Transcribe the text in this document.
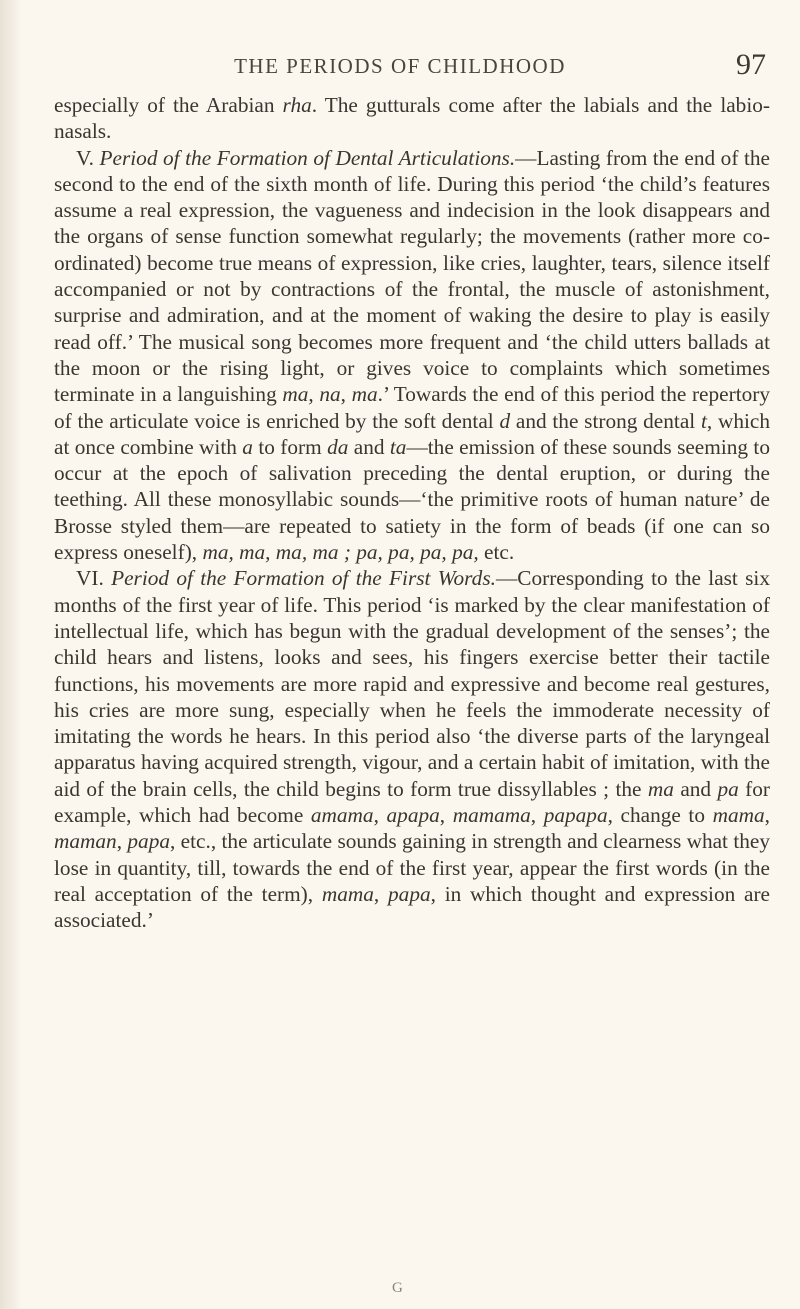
THE PERIODS OF CHILDHOOD	97

especially of the Arabian rha. The gutturals come after the labials and the labio-nasals.

V. Period of the Formation of Dental Articulations.—Lasting from the end of the second to the end of the sixth month of life. During this period ‘the child’s features assume a real expression, the vagueness and indecision in the look disappears and the organs of sense function somewhat regularly; the movements (rather more co-ordinated) become true means of expression, like cries, laughter, tears, silence itself accompanied or not by contractions of the frontal, the muscle of astonishment, surprise and admiration, and at the moment of waking the desire to play is easily read off.’ The musical song becomes more frequent and ‘the child utters ballads at the moon or the rising light, or gives voice to complaints which sometimes terminate in a languishing ma, na, ma.’ Towards the end of this period the repertory of the articulate voice is enriched by the soft dental d and the strong dental t, which at once combine with a to form da and ta—the emission of these sounds seeming to occur at the epoch of salivation preceding the dental eruption, or during the teething. All these monosyllabic sounds—‘the primitive roots of human nature’ de Brosse styled them—are repeated to satiety in the form of beads (if one can so express oneself), ma, ma, ma, ma ; pa, pa, pa, pa, etc.

VI. Period of the Formation of the First Words.—Corresponding to the last six months of the first year of life. This period ‘is marked by the clear manifestation of intellectual life, which has begun with the gradual development of the senses’; the child hears and listens, looks and sees, his fingers exercise better their tactile functions, his movements are more rapid and expressive and become real gestures, his cries are more sung, especially when he feels the immoderate necessity of imitating the words he hears. In this period also ‘the diverse parts of the laryngeal apparatus having acquired strength, vigour, and a certain habit of imitation, with the aid of the brain cells, the child begins to form true dissyllables ; the ma and pa for example, which had become amama, apapa, mamama, papapa, change to mama, maman, papa, etc., the articulate sounds gaining in strength and clearness what they lose in quantity, till, towards the end of the first year, appear the first words (in the real acceptation of the term), mama, papa, in which thought and expression are associated.’

G
